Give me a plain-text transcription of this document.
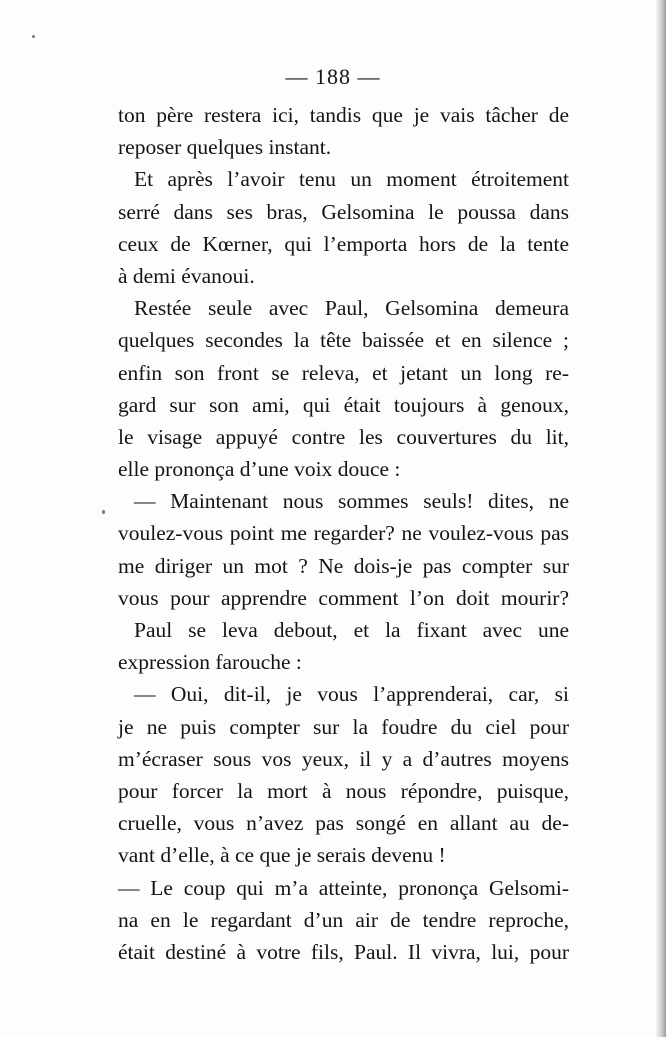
— 188 —
ton père restera ici, tandis que je vais tâcher de
reposer quelques instant.
Et après l’avoir tenu un moment étroitement
serré dans ses bras, Gelsomina le poussa dans
ceux de Kœrner, qui l’emporta hors de la tente
à demi évanoui.
Restée seule avec Paul, Gelsomina demeura
quelques secondes la tête baissée et en silence ;
enfin son front se releva, et jetant un long re-
gard sur son ami, qui était toujours à genoux,
le visage appuyé contre les couvertures du lit,
elle prononça d’une voix douce :
— Maintenant nous sommes seuls! dites, ne
voulez-vous point me regarder? ne voulez-vous pas
me diriger un mot ? Ne dois-je pas compter sur
vous pour apprendre comment l’on doit mourir?
Paul se leva debout, et la fixant avec une
expression farouche :
— Oui, dit-il, je vous l’apprenderai, car, si
je ne puis compter sur la foudre du ciel pour
m’écraser sous vos yeux, il y a d’autres moyens
pour forcer la mort à nous répondre, puisque,
cruelle, vous n’avez pas songé en allant au de-
vant d’elle, à ce que je serais devenu !
— Le coup qui m’a atteinte, prononça Gelsomi-
na en le regardant d’un air de tendre reproche,
était destiné à votre fils, Paul. Il vivra, lui, pour
